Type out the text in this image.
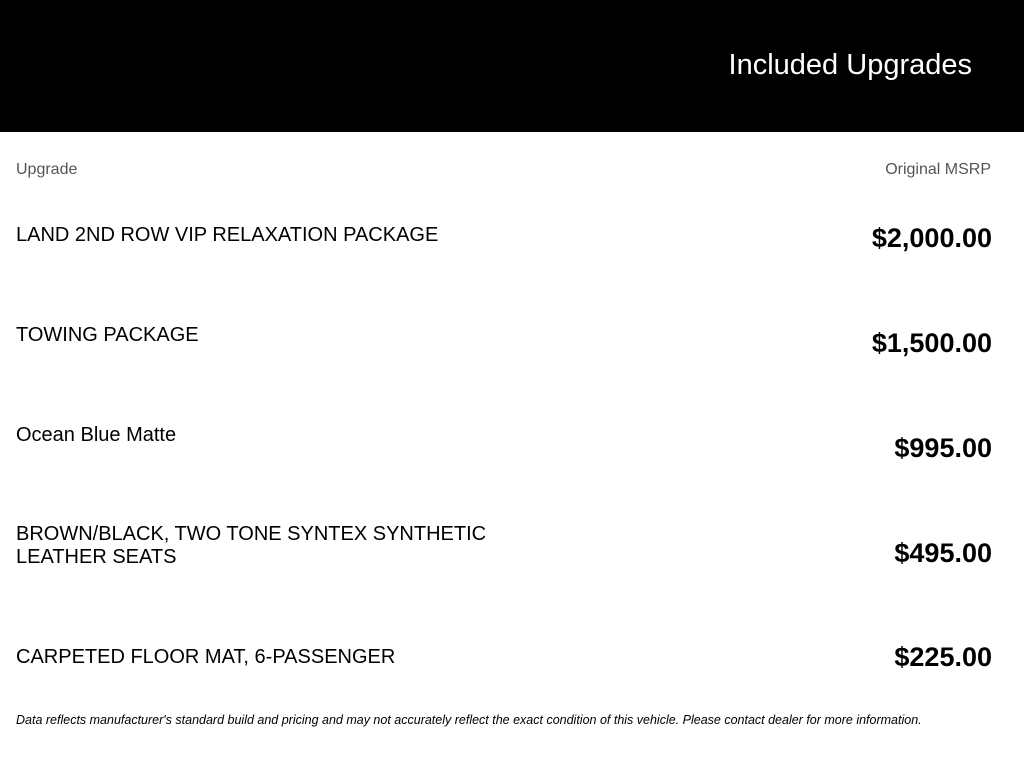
Included Upgrades
Upgrade	Original MSRP
LAND 2ND ROW VIP RELAXATION PACKAGE	$2,000.00
TOWING PACKAGE	$1,500.00
Ocean Blue Matte	$995.00
BROWN/BLACK, TWO TONE SYNTEX SYNTHETIC LEATHER SEATS	$495.00
CARPETED FLOOR MAT, 6-PASSENGER	$225.00
Data reflects manufacturer's standard build and pricing and may not accurately reflect the exact condition of this vehicle. Please contact dealer for more information.
